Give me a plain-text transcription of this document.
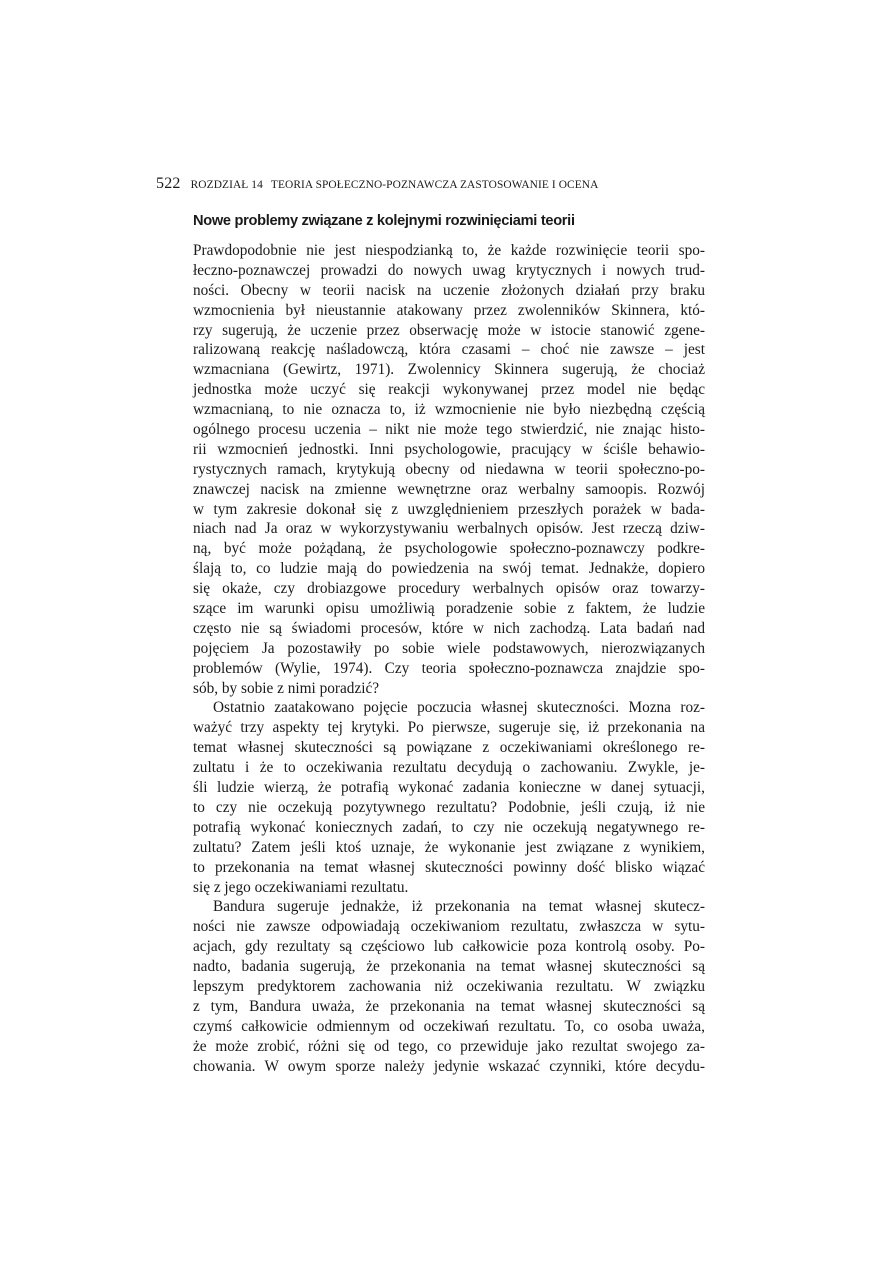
522 ROZDZIAŁ 14 TEORIA SPOŁECZNO-POZNAWCZA ZASTOSOWANIE I OCENA
Nowe problemy związane z kolejnymi rozwinięciami teorii
Prawdopodobnie nie jest niespodzianką to, że każde rozwinięcie teorii spo-
łeczno-poznawczej prowadzi do nowych uwag krytycznych i nowych trud-
ności. Obecny w teorii nacisk na uczenie złożonych działań przy braku
wzmocnienia był nieustannie atakowany przez zwolenników Skinnera, któ-
rzy sugerują, że uczenie przez obserwację może w istocie stanowić zgene-
ralizowaną reakcję naśladowczą, która czasami – choć nie zawsze – jest
wzmacniana (Gewirtz, 1971). Zwolennicy Skinnera sugerują, że chociaż
jednostka może uczyć się reakcji wykonywanej przez model nie będąc
wzmacnianą, to nie oznacza to, iż wzmocnienie nie było niezbędną częścią
ogólnego procesu uczenia – nikt nie może tego stwierdzić, nie znając histo-
rii wzmocnień jednostki. Inni psychologowie, pracujący w ściśle behawio-
rystycznych ramach, krytykują obecny od niedawna w teorii społeczno-po-
znawczej nacisk na zmienne wewnętrzne oraz werbalny samoopis. Rozwój
w tym zakresie dokonał się z uwzględnieniem przeszłych porażek w bada-
niach nad Ja oraz w wykorzystywaniu werbalnych opisów. Jest rzeczą dziw-
ną, być może pożądaną, że psychologowie społeczno-poznawczy podkre-
ślają to, co ludzie mają do powiedzenia na swój temat. Jednakże, dopiero
się okaże, czy drobiazgowe procedury werbalnych opisów oraz towarzy-
szące im warunki opisu umożliwią poradzenie sobie z faktem, że ludzie
często nie są świadomi procesów, które w nich zachodzą. Lata badań nad
pojęciem Ja pozostawiły po sobie wiele podstawowych, nierozwiązanych
problemów (Wylie, 1974). Czy teoria społeczno-poznawcza znajdzie spo-
sób, by sobie z nimi poradzić?
Ostatnio zaatakowano pojęcie poczucia własnej skuteczności. Mozna roz-
ważyć trzy aspekty tej krytyki. Po pierwsze, sugeruje się, iż przekonania na
temat własnej skuteczności są powiązane z oczekiwaniami określonego re-
zultatu i że to oczekiwania rezultatu decydują o zachowaniu. Zwykle, je-
śli ludzie wierzą, że potrafią wykonać zadania konieczne w danej sytuacji,
to czy nie oczekują pozytywnego rezultatu? Podobnie, jeśli czują, iż nie
potrafią wykonać koniecznych zadań, to czy nie oczekują negatywnego re-
zultatu? Zatem jeśli ktoś uznaje, że wykonanie jest związane z wynikiem,
to przekonania na temat własnej skuteczności powinny dość blisko wiązać
się z jego oczekiwaniami rezultatu.
Bandura sugeruje jednakże, iż przekonania na temat własnej skutecz-
ności nie zawsze odpowiadają oczekiwaniom rezultatu, zwłaszcza w sytu-
acjach, gdy rezultaty są częściowo lub całkowicie poza kontrolą osoby. Po-
nadto, badania sugerują, że przekonania na temat własnej skuteczności są
lepszym predyktorem zachowania niż oczekiwania rezultatu. W związku
z tym, Bandura uważa, że przekonania na temat własnej skuteczności są
czymś całkowicie odmiennym od oczekiwań rezultatu. To, co osoba uważa,
że może zrobić, różni się od tego, co przewiduje jako rezultat swojego za-
chowania. W owym sporze należy jedynie wskazać czynniki, które decydu-
